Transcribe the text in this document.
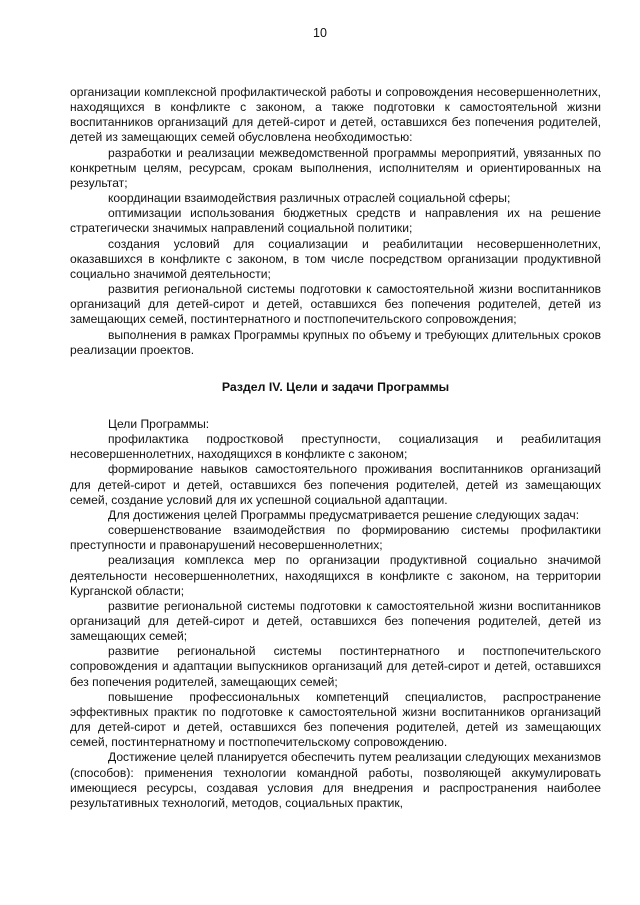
10

организации комплексной профилактической работы и сопровождения несовершеннолетних, находящихся в конфликте с законом, а также подготовки к самостоятельной жизни воспитанников организаций для детей-сирот и детей, оставшихся без попечения родителей, детей из замещающих семей обусловлена необходимостью:

разработки и реализации межведомственной программы мероприятий, увязанных по конкретным целям, ресурсам, срокам выполнения, исполнителям и ориентированных на результат;

координации взаимодействия различных отраслей социальной сферы;

оптимизации использования бюджетных средств и направления их на решение стратегически значимых направлений социальной политики;

создания условий для социализации и реабилитации несовершеннолетних, оказавшихся в конфликте с законом, в том числе посредством организации продуктивной социально значимой деятельности;

развития региональной системы подготовки к самостоятельной жизни воспитанников организаций для детей-сирот и детей, оставшихся без попечения родителей, детей из замещающих семей, постинтернатного и постпопечительского сопровождения;

выполнения в рамках Программы крупных по объему и требующих длительных сроков реализации проектов.

Раздел IV. Цели и задачи Программы

Цели Программы:

профилактика подростковой преступности, социализация и реабилитация несовершеннолетних, находящихся в конфликте с законом;

формирование навыков самостоятельного проживания воспитанников организаций для детей-сирот и детей, оставшихся без попечения родителей, детей из замещающих семей, создание условий для их успешной социальной адаптации.

Для достижения целей Программы предусматривается решение следующих задач:

совершенствование взаимодействия по формированию системы профилактики преступности и правонарушений несовершеннолетних;

реализация комплекса мер по организации продуктивной социально значимой деятельности несовершеннолетних, находящихся в конфликте с законом, на территории Курганской области;

развитие региональной системы подготовки к самостоятельной жизни воспитанников организаций для детей-сирот и детей, оставшихся без попечения родителей, детей из замещающих семей;

развитие региональной системы постинтернатного и постпопечительского сопровождения и адаптации выпускников организаций для детей-сирот и детей, оставшихся без попечения родителей, замещающих семей;

повышение профессиональных компетенций специалистов, распространение эффективных практик по подготовке к самостоятельной жизни воспитанников организаций для детей-сирот и детей, оставшихся без попечения родителей, детей из замещающих семей, постинтернатному и постпопечительскому сопровождению.

Достижение целей планируется обеспечить путем реализации следующих механизмов (способов): применения технологии командной работы, позволяющей аккумулировать имеющиеся ресурсы, создавая условия для внедрения и распространения наиболее результативных технологий, методов, социальных практик,
